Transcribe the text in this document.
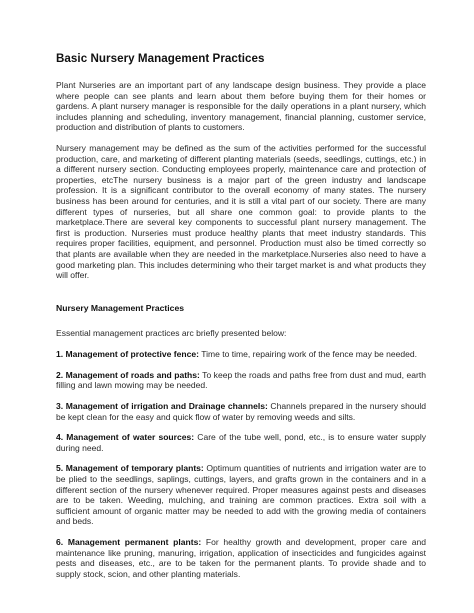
Basic Nursery Management Practices

Plant Nurseries are an important part of any landscape design business. They provide a place where people can see plants and learn about them before buying them for their homes or gardens. A plant nursery manager is responsible for the daily operations in a plant nursery, which includes planning and scheduling, inventory management, financial planning, customer service, production and distribution of plants to customers.

Nursery management may be defined as the sum of the activities performed for the successful production, care, and marketing of different planting materials (seeds, seedlings, cuttings, etc.) in a different nursery section. Conducting employees properly, maintenance care and protection of properties, etcThe nursery business is a major part of the green industry and landscape profession. It is a significant contributor to the overall economy of many states. The nursery business has been around for centuries, and it is still a vital part of our society. There are many different types of nurseries, but all share one common goal: to provide plants to the marketplace.There are several key components to successful plant nursery management. The first is production. Nurseries must produce healthy plants that meet industry standards. This requires proper facilities, equipment, and personnel. Production must also be timed correctly so that plants are available when they are needed in the marketplace.Nurseries also need to have a good marketing plan. This includes determining who their target market is and what products they will offer.

Nursery Management Practices

Essential management practices arc briefly presented below:

1. Management of protective fence: Time to time, repairing work of the fence may be needed.

2. Management of roads and paths: To keep the roads and paths free from dust and mud, earth filling and lawn mowing may be needed.

3. Management of irrigation and Drainage channels: Channels prepared in the nursery should be kept clean for the easy and quick flow of water by removing weeds and silts.

4. Management of water sources: Care of the tube well, pond, etc., is to ensure water supply during need.

5. Management of temporary plants: Optimum quantities of nutrients and irrigation water are to be plied to the seedlings, saplings, cuttings, layers, and grafts grown in the containers and in a different section of the nursery whenever required. Proper measures against pests and diseases are to be taken. Weeding, mulching, and training are common practices. Extra soil with a sufficient amount of organic matter may be needed to add with the growing media of containers and beds.

6. Management permanent plants: For healthy growth and development, proper care and maintenance like pruning, manuring, irrigation, application of insecticides and fungicides against pests and diseases, etc., are to be taken for the permanent plants. To provide shade and to supply stock, scion, and other planting materials.
